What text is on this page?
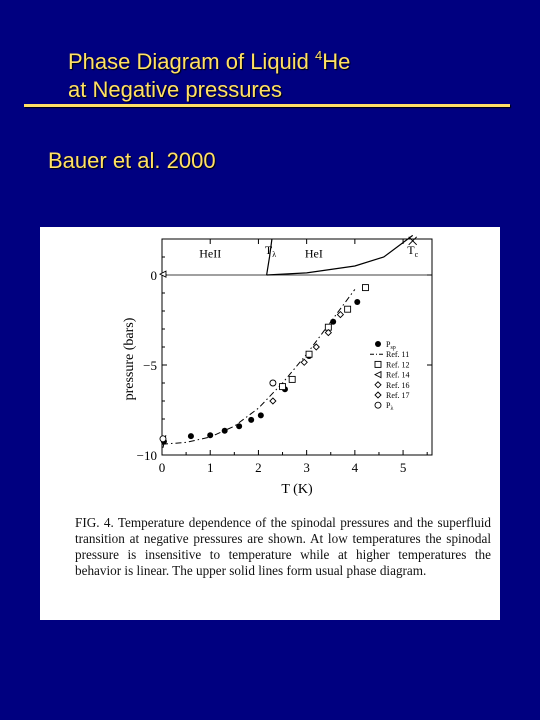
Phase Diagram of Liquid $^4$He
at Negative pressures
Bauer et al. 2000
0	1	2	3	4	5
0
−5
−10
T (K)
pressure (bars)
HeII	$T_\lambda$ HeI	$T_c$
$P_{sp}$
Ref. 11
Ref. 12
Ref. 14
Ref. 16
Ref. 17
$P_\lambda$
FIG. 4. Temperature dependence of the spinodal pressures and the superfluid transition at negative pressures are shown. At low temperatures the spinodal pressure is insensitive to temperature while at higher temperatures the behavior is linear. The upper solid lines form usual phase diagram.
